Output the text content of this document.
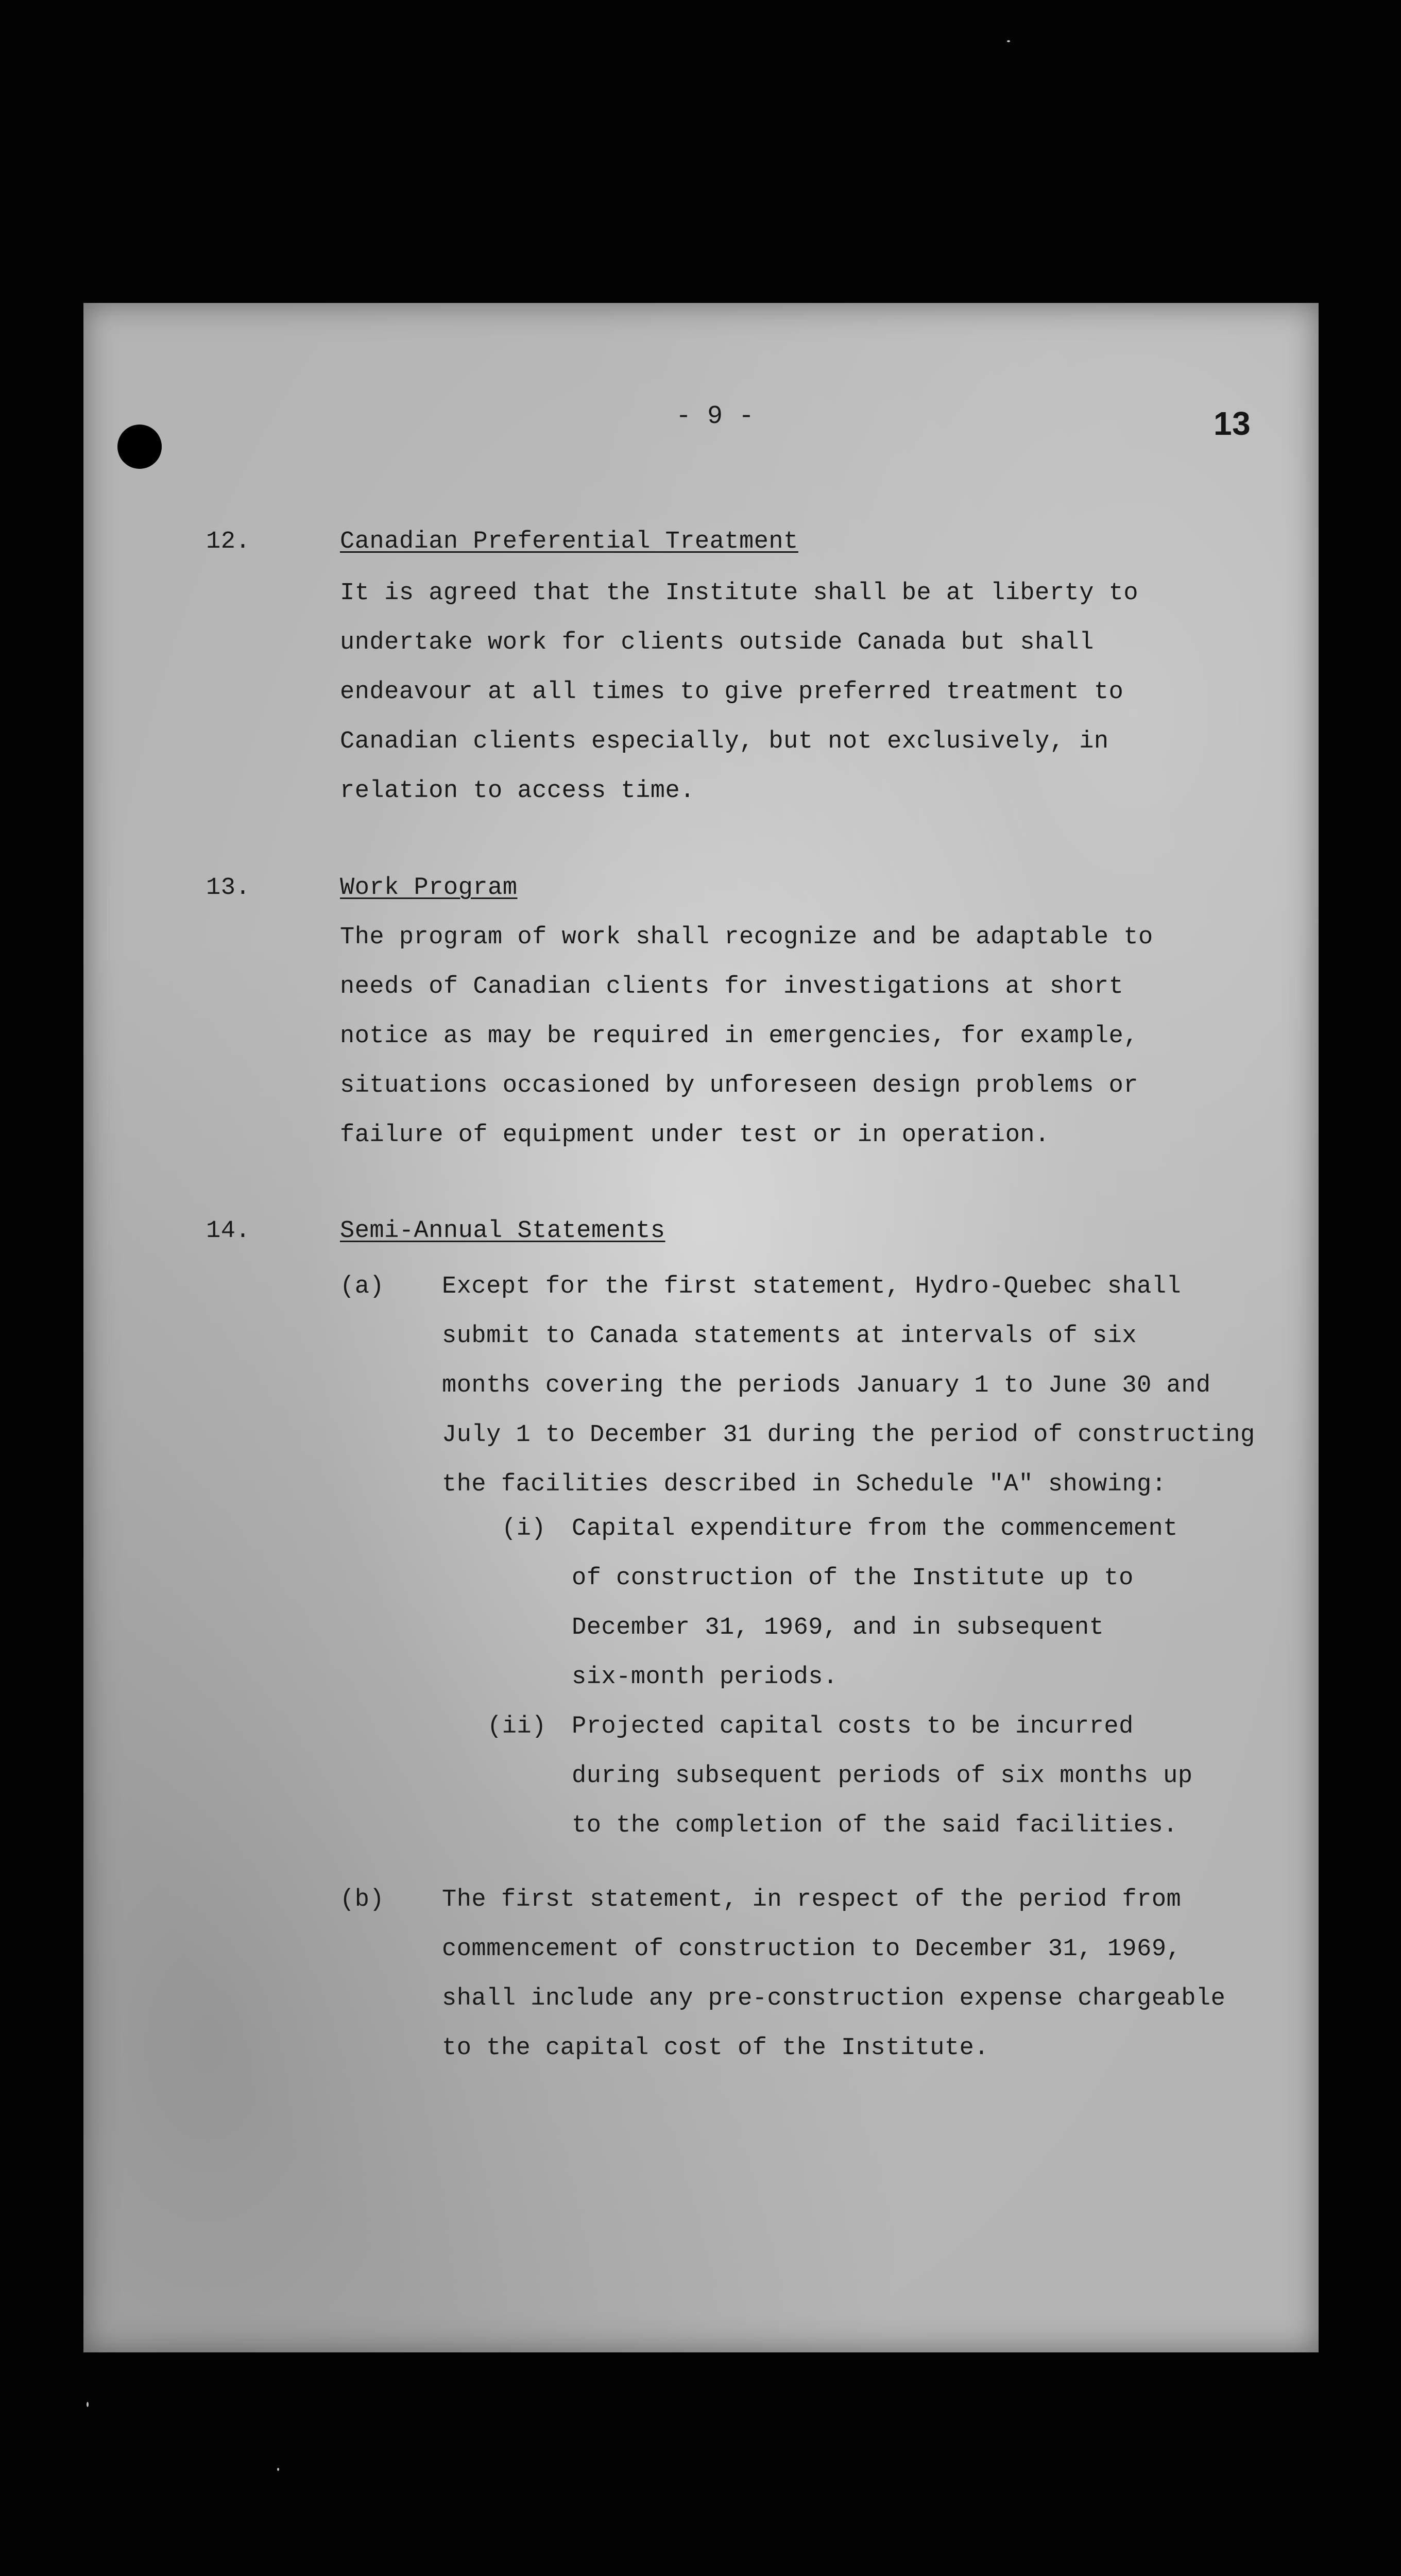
- 9 -	13

12.	Canadian Preferential Treatment

It is agreed that the Institute shall be at liberty to

undertake work for clients outside Canada but shall

endeavour at all times to give preferred treatment to

Canadian clients especially, but not exclusively, in

relation to access time.

13.	Work Program

The program of work shall recognize and be adaptable to

needs of Canadian clients for investigations at short

notice as may be required in emergencies, for example,

situations occasioned by unforeseen design problems or

failure of equipment under test or in operation.

14.	Semi-Annual Statements

(a) Except for the first statement, Hydro-Quebec shall

submit to Canada statements at intervals of six

months covering the periods January 1 to June 30 and

July 1 to December 31 during the period of constructing

the facilities described in Schedule "A" showing:

(i) Capital expenditure from the commencement

of construction of the Institute up to

December 31, 1969, and in subsequent

six-month periods.

(ii) Projected capital costs to be incurred

during subsequent periods of six months up

to the completion of the said facilities.

(b) The first statement, in respect of the period from

commencement of construction to December 31, 1969,

shall include any pre-construction expense chargeable

to the capital cost of the Institute.
